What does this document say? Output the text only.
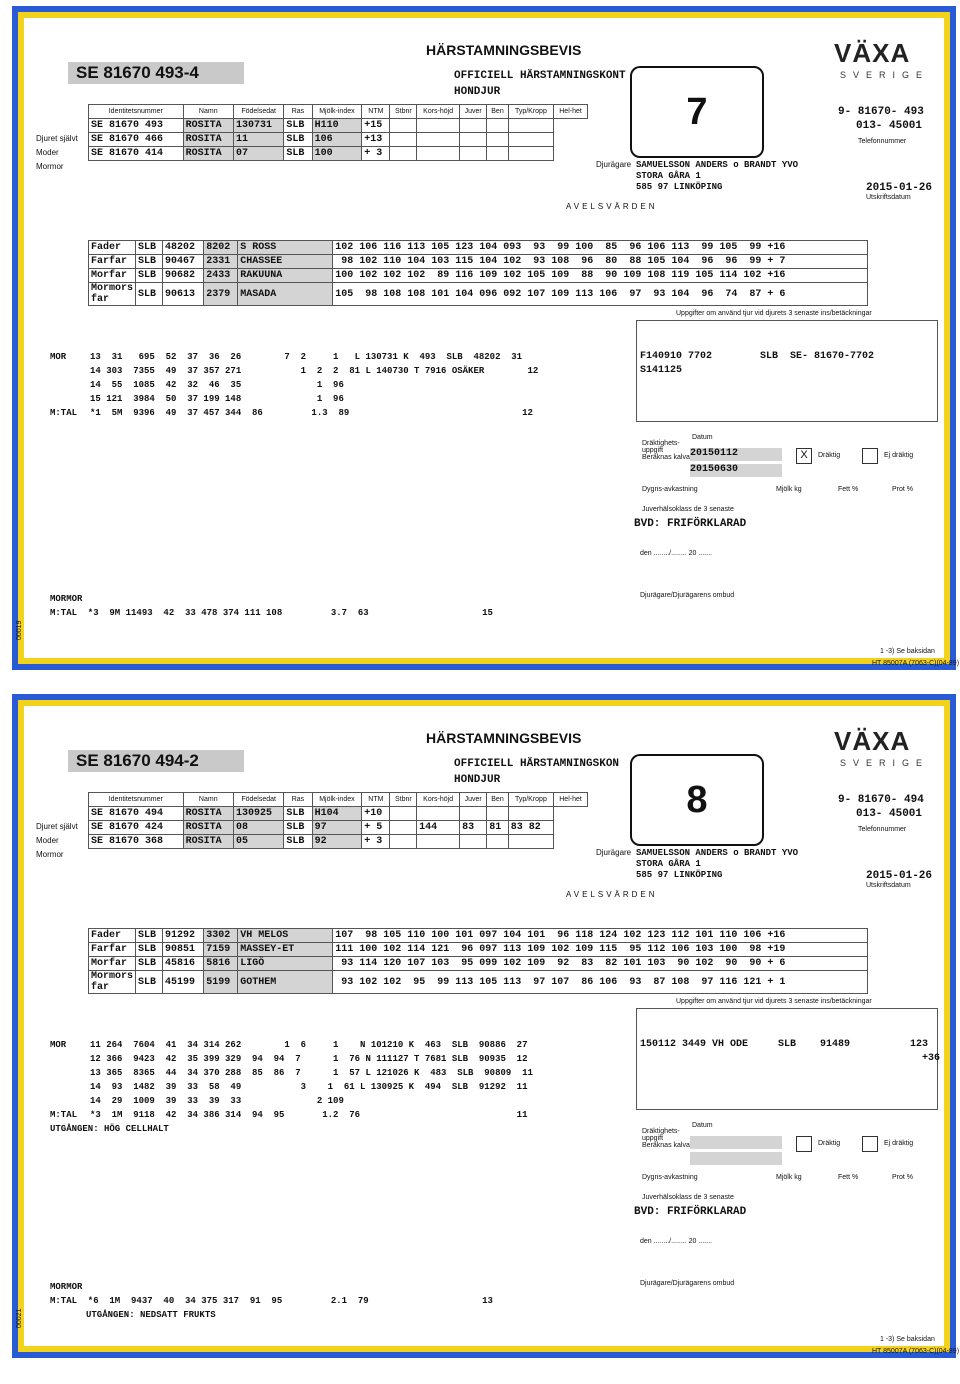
SE 81670 493-4
HÄRSTAMNINGSBEVIS
OFFICIELL HÄRSTAMNINGSKONT
HONDJUR
VÄXA
SVERIGE
9- 81670- 493
013- 45001
Telefonnummer
Djurägare SAMUELSSON ANDERS o BRANDT YVO
STORA GÅRA 1
585 97 LINKÖPING	2015-01-26
Utskriftsdatum
Identitetsnummer	Namn	Födelsedat	Ras	Mjölk-index	NTM	Stbnr	Kors-höjd	Juver	Ben	Typ/Kropp	Hel-het
SE 81670 493	ROSITA	130731	SLB	H110	+15						
SE 81670 466	ROSITA	11	SLB	106	+13						
SE 81670 414	ROSITA	07	SLB	100	+ 3						
Djuret självt
Moder
Mormor
AVELSVÄRDEN
Fader	SLB	48202	8202	S ROSS	102 106 116 113 105 123 104 093  93  99 100  85  96 106 113  99 105  99 +16
Farfar	SLB	90467	2331	CHASSEE	98 102 110 104 103 115 104 102  93 108  96  80  88 105 104  96  96  99 + 7
Morfar	SLB	90682	2433	RAKUUNA	100 102 102 102  89 116 109 102 105 109  88  90 109 108 119 105 114 102 +16
Mormors far	SLB	90613	2379	MASADA	105  98 108 108 101 104 096 092 107 109 113 106  97  93 104  96  74  87 + 6
MOR	13  31   695  52  37  36  26        7  2     1   L 130731 K  493  SLB  48202  31
14 303  7355  49  37 357 271           1  2  2  81 L 140730 T 7916 OSÄKER        12
14  55  1085  42  32  46  35              1  96
15 121  3984  50  37 199 148              1  96
M:TAL *1  5M  9396  49  37 457 344  86         1.3  89                                12
MORMOR
M:TAL  *3  9M 11493  42  33 478 374 111 108         3.7  63                     15
Uppgifter om använd tjur vid djurets 3 senaste ins/betäckningar
F140910 7702        SLB  SE- 81670-7702
S141125
Dräktighets-uppgift Beräknas kalva
Datum
20150112
20150630
X	Dräktig	Ej dräktig
Dygns-avkastning	Mjölk kg	Fett %	Prot %
Juverhälsoklass de 3 senaste
BVD: FRIFÖRKLARAD
den ......../........ 20 .......
Djurägare/Djurägarens ombud
1 -3) Se baksidan
HT 85007A (7063-C)(04-89)
00019
7
SE 81670 494-2
HÄRSTAMNINGSBEVIS
OFFICIELL HÄRSTAMNINGSKON
HONDJUR
VÄXA
SVERIGE
9- 81670- 494
013- 45001
Telefonnummer
Djurägare SAMUELSSON ANDERS o BRANDT YVO
STORA GÅRA 1
585 97 LINKÖPING	2015-01-26
Utskriftsdatum
Identitetsnummer	Namn	Födelsedat	Ras	Mjölk-index	NTM	Stbnr	Kors-höjd	Juver	Ben	Typ/Kropp	Hel-het
SE 81670 494	ROSITA	130925	SLB	H104	+10						
SE 81670 424	ROSITA	08	SLB	97	+ 5		144	83	81	83 82	
SE 81670 368	ROSITA	05	SLB	92	+ 3						
Djuret självt
Moder
Mormor
AVELSVÄRDEN
Fader	SLB	91292	3302	VH MELOS	107  98 105 110 100 101 097 104 101  96 118 124 102 123 112 101 110 106 +16
Farfar	SLB	90851	7159	MASSEY-ET	111 100 102 114 121  96 097 113 109 102 109 115  95 112 106 103 100  98 +19
Morfar	SLB	45816	5816	LIGÖ	93 114 120 107 103  95 099 102 109  92  83  82 101 103  90 102  90  90 + 6
Mormors far	SLB	45199	5199	GOTHEM	93 102 102  95  99 113 105 113  97 107  86 106  93  87 108  97 116 121 + 1
MOR	11 264  7604  41  34 314 262        1  6     1    N 101210 K  463  SLB  90886  27
12 366  9423  42  35 399 329  94  94  7      1  76 N 111127 T 7681 SLB  90935  12
13 365  8365  44  34 370 288  85  86  7      1  57 L 121026 K  483  SLB  90809  11
14  93  1482  39  33  58  49           3    1  61 L 130925 K  494  SLB  91292  11
14  29  1009  39  33  39  33              2 109
M:TAL *3  1M  9118  42  34 386 314  94  95       1.2  76                             11
UTGÅNGEN: HÖG CELLHALT
MORMOR
M:TAL  *6  1M  9437  40  34 375 317  91  95         2.1  79                     13
UTGÅNGEN: NEDSATT FRUKTS
Uppgifter om använd tjur vid djurets 3 senaste ins/betäckningar
150112 3449 VH ODE     SLB    91489          123
+36
Dräktighets-uppgift Beräknas kalva
Datum
Dräktig	Ej dräktig
Dygns-avkastning	Mjölk kg	Fett %	Prot %
Juverhälsoklass de 3 senaste
BVD: FRIFÖRKLARAD
den ......../........ 20 .......
Djurägare/Djurägarens ombud
1 -3) Se baksidan
HT 85007A (7063-C)(04-89)
00021
8
